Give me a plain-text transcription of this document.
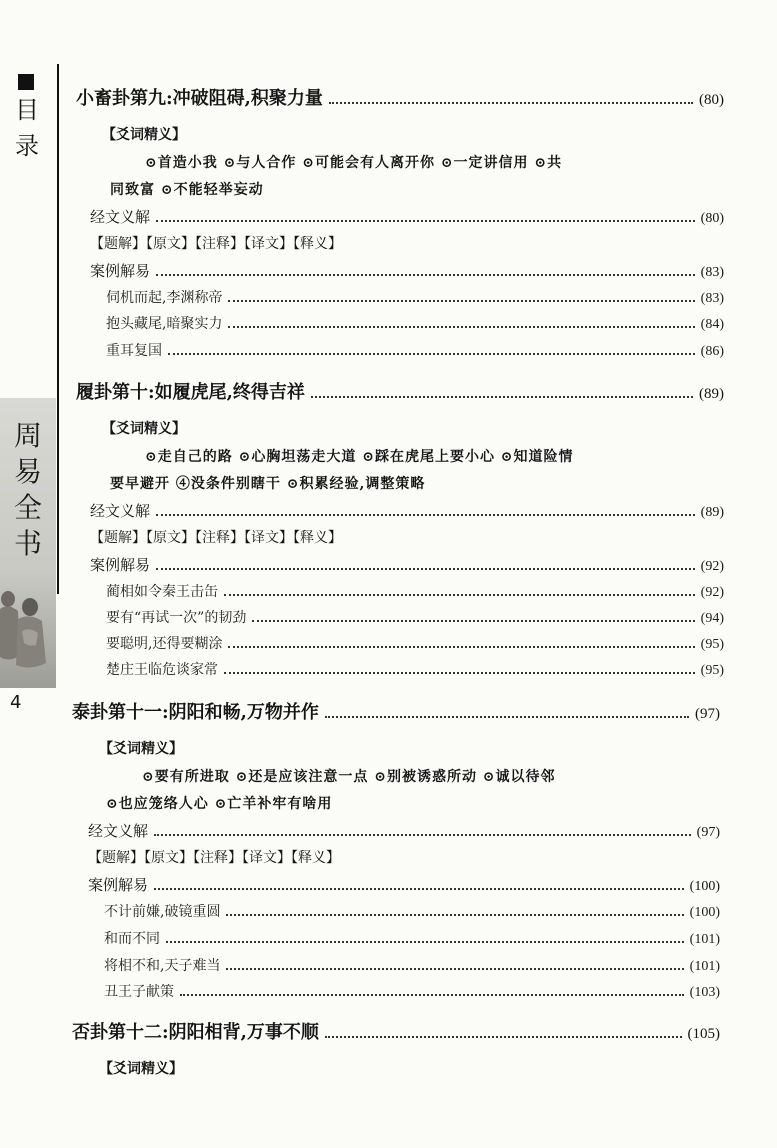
目录
周易全书
4
小畜卦第九:冲破阻碍,积聚力量	(80)
【爻词精义】
⊙首造小我 ⊙与人合作 ⊙可能会有人离开你 ⊙一定讲信用 ⊙共
同致富 ⊙不能轻举妄动
经文义解	(80)
【题解】【原文】【注释】【译文】【释义】
案例解易	(83)
伺机而起,李渊称帝	(83)
抱头藏尾,暗聚实力	(84)
重耳复国	(86)
履卦第十:如履虎尾,终得吉祥	(89)
【爻词精义】
⊙走自己的路 ⊙心胸坦荡走大道 ⊙踩在虎尾上要小心 ⊙知道险情
要早避开 ④没条件别瞎干 ⊙积累经验,调整策略
经文义解	(89)
【题解】【原文】【注释】【译文】【释义】
案例解易	(92)
蔺相如令秦王击缶	(92)
要有“再试一次”的韧劲	(94)
要聪明,还得要糊涂	(95)
楚庄王临危谈家常	(95)
泰卦第十一:阴阳和畅,万物并作	(97)
【爻词精义】
⊙要有所进取 ⊙还是应该注意一点 ⊙别被诱惑所动 ⊙诚以待邻
⊙也应笼络人心 ⊙亡羊补牢有啥用
经文义解	(97)
【题解】【原文】【注释】【译文】【释义】
案例解易	(100)
不计前嫌,破镜重圆	(100)
和而不同	(101)
将相不和,天子难当	(101)
丑王子献策	(103)
否卦第十二:阴阳相背,万事不顺	(105)
【爻词精义】
